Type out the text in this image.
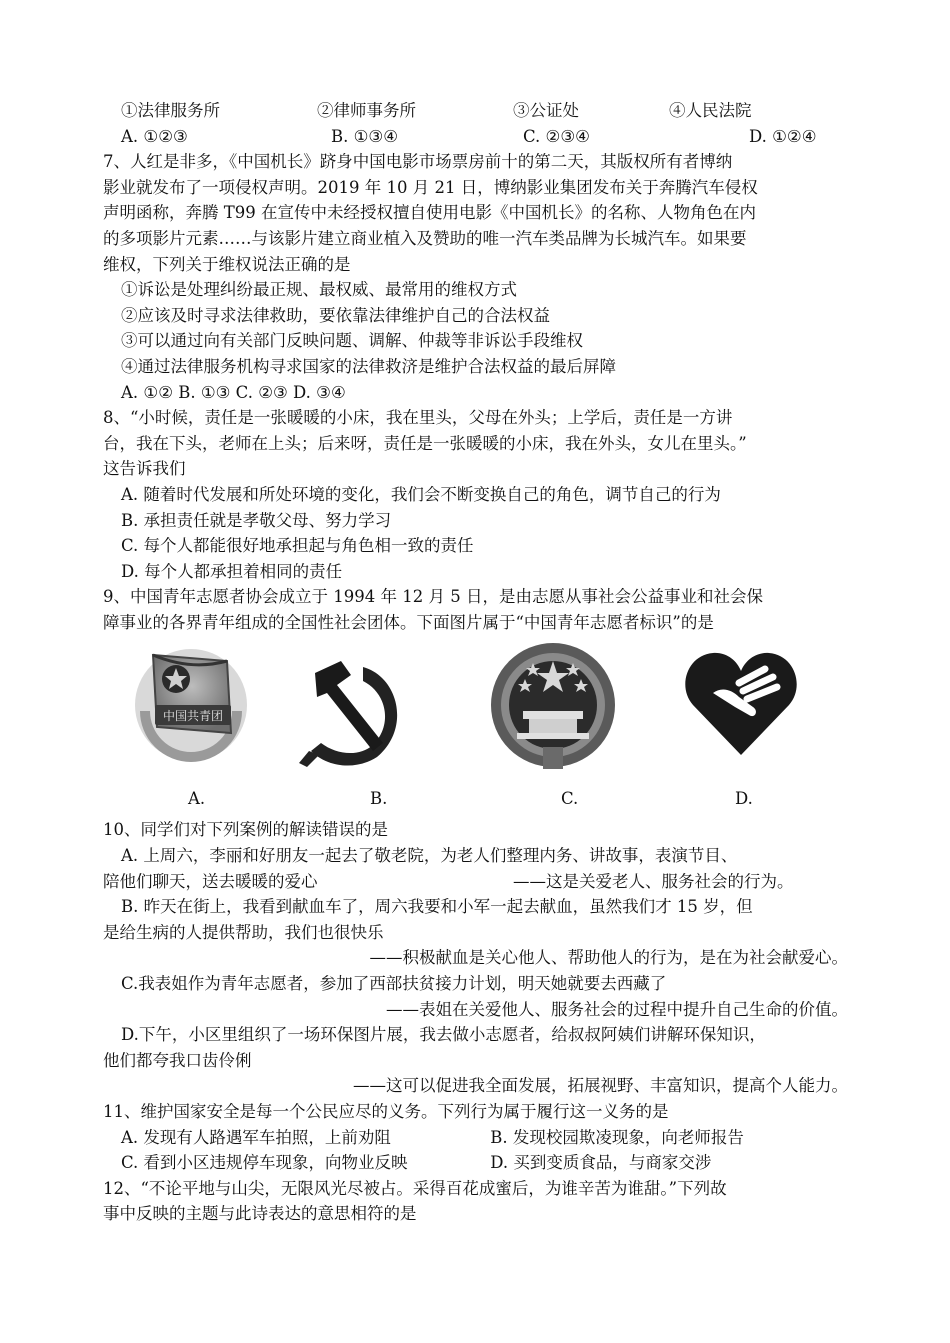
①法律服务所	②律师事务所	③公证处	④人民法院
A. ①②③	B. ①③④	C. ②③④	D. ①②④
7、人红是非多，《中国机长》跻身中国电影市场票房前十的第二天，其版权所有者博纳
影业就发布了一项侵权声明。2019 年 10 月 21 日，博纳影业集团发布关于奔腾汽车侵权
声明函称，奔腾 T99 在宣传中未经授权擅自使用电影《中国机长》的名称、人物角色在内
的多项影片元素……与该影片建立商业植入及赞助的唯一汽车类品牌为长城汽车。如果要
维权，下列关于维权说法正确的是
①诉讼是处理纠纷最正规、最权威、最常用的维权方式
②应该及时寻求法律救助，要依靠法律维护自己的合法权益
③可以通过向有关部门反映问题、调解、仲裁等非诉讼手段维权
④通过法律服务机构寻求国家的法律救济是维护合法权益的最后屏障
A. ①② B. ①③ C. ②③ D. ③④
8、“小时候，责任是一张暖暖的小床，我在里头，父母在外头；上学后，责任是一方讲
台，我在下头，老师在上头；后来呀，责任是一张暖暖的小床，我在外头，女儿在里头。”
这告诉我们
A. 随着时代发展和所处环境的变化，我们会不断变换自己的角色，调节自己的行为
B. 承担责任就是孝敬父母、努力学习
C. 每个人都能很好地承担起与角色相一致的责任
D. 每个人都承担着相同的责任
9、中国青年志愿者协会成立于 1994 年 12 月 5 日，是由志愿从事社会公益事业和社会保
障事业的各界青年组成的全国性社会团体。下面图片属于“中国青年志愿者标识”的是
中国共青团
A.	B.	C.	D.
10、同学们对下列案例的解读错误的是
A. 上周六，李丽和好朋友一起去了敬老院，为老人们整理内务、讲故事，表演节目、
陪他们聊天，送去暖暖的爱心	——这是关爱老人、服务社会的行为。
B. 昨天在街上，我看到献血车了，周六我要和小军一起去献血，虽然我们才 15 岁，但
是给生病的人提供帮助，我们也很快乐
——积极献血是关心他人、帮助他人的行为，是在为社会献爱心。
C.我表姐作为青年志愿者，参加了西部扶贫接力计划，明天她就要去西藏了
——表姐在关爱他人、服务社会的过程中提升自己生命的价值。
D.下午，小区里组织了一场环保图片展，我去做小志愿者，给叔叔阿姨们讲解环保知识，
他们都夸我口齿伶俐
——这可以促进我全面发展，拓展视野、丰富知识，提高个人能力。
11、维护国家安全是每一个公民应尽的义务。下列行为属于履行这一义务的是
A. 发现有人路遇军车拍照，上前劝阻	B. 发现校园欺凌现象，向老师报告
C. 看到小区违规停车现象，向物业反映	D. 买到变质食品，与商家交涉
12、“不论平地与山尖，无限风光尽被占。采得百花成蜜后，为谁辛苦为谁甜。”下列故
事中反映的主题与此诗表达的意思相符的是
